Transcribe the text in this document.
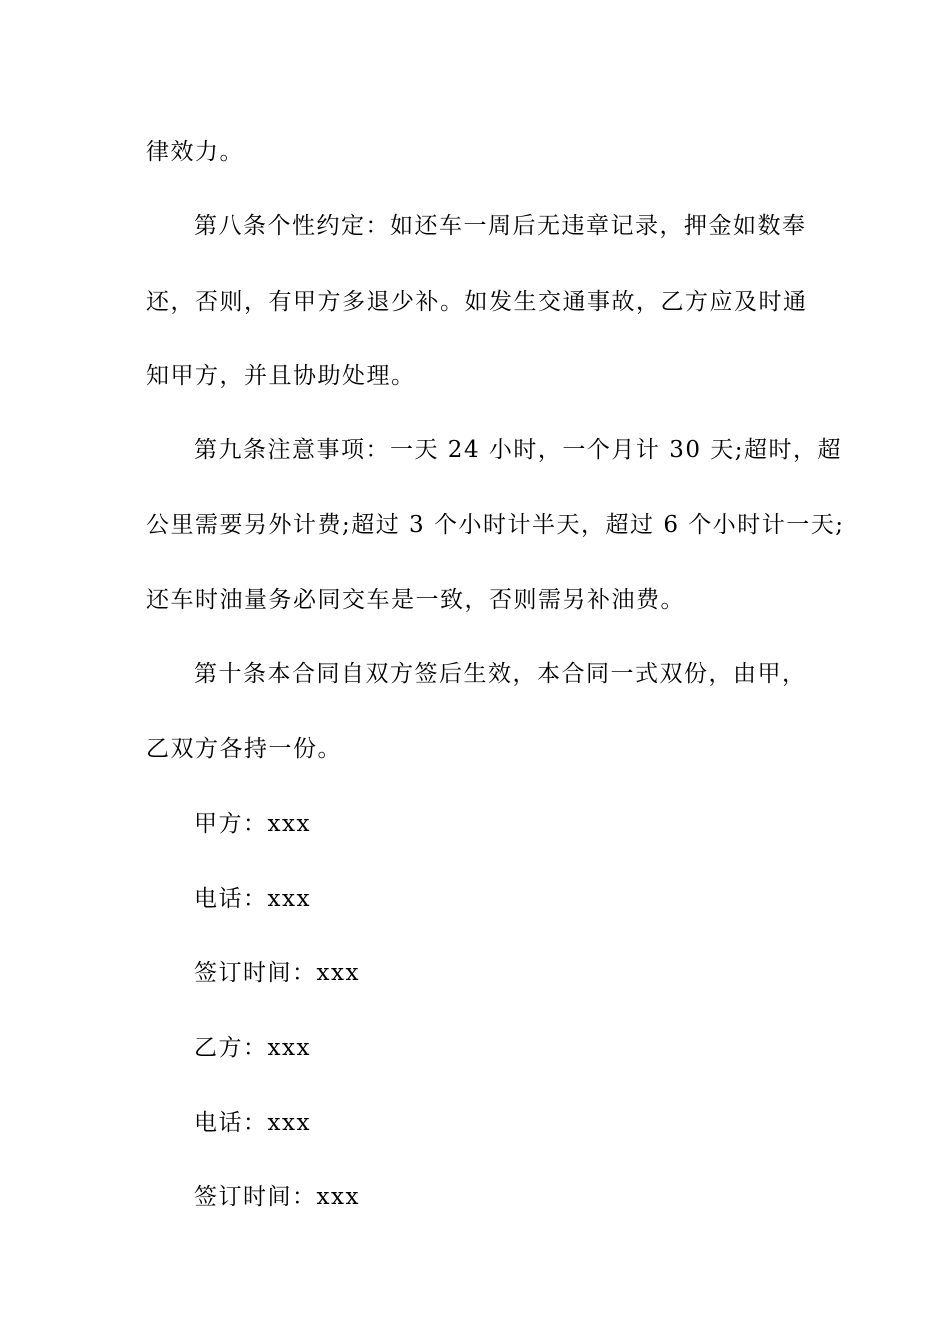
律效力。
第八条个性约定：如还车一周后无违章记录，押金如数奉
还，否则，有甲方多退少补。如发生交通事故，乙方应及时通
知甲方，并且协助处理。
第九条注意事项：一天 24 小时，一个月计 30 天;超时，超
公里需要另外计费;超过 3 个小时计半天，超过 6 个小时计一天;
还车时油量务必同交车是一致，否则需另补油费。
第十条本合同自双方签后生效，本合同一式双份，由甲，
乙双方各持一份。
甲方：xxx
电话：xxx
签订时间：xxx
乙方：xxx
电话：xxx
签订时间：xxx
